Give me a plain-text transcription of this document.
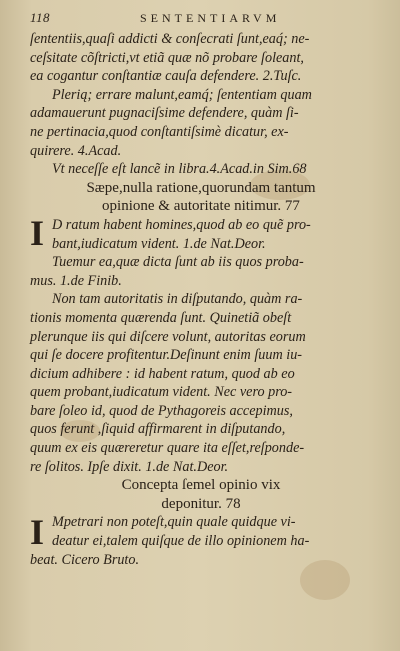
118	SENTENTIARVM
I
I
ſententiis,quaſi addicti & conſecrati ſunt,eaq́; ne-
ceſsitate cõſtricti,vt etiã quæ nõ probare ſoleant,
ea cogantur conſtantiæ cauſa defendere. 2.Tuſc.
Plerią; errare malunt,eamq́; ſententiam quam
adamauerunt pugnaciſsime defendere, quàm ſi-
ne pertinacia,quod conſtantiſsimè dicatur, ex-
quirere. 4.Acad.
Vt neceſſe eſt lancẽ in libra.4.Acad.in Sim.68
Sæpe,nulla ratione,quorundam tantum
opinione & autoritate nitimur. 77
D ratum habent homines,quod ab eo quẽ pro-
bant,iudicatum vident. 1.de Nat.Deor.
Tuemur ea,quæ dicta ſunt ab iis quos proba-
mus. 1.de Finib.
Non tam autoritatis in diſputando, quàm ra-
tionis momenta quærenda ſunt. Quinetiã obeſt
plerunque iis qui diſcere volunt, autoritas eorum
qui ſe docere profitentur.Deſinunt enim ſuum iu-
dicium adhibere : id habent ratum, quod ab eo
quem probant,iudicatum vident. Nec vero pro-
bare ſoleo id, quod de Pythagoreis accepimus,
quos ferunt ,ſiquid affirmarent in diſputando,
quum ex eis quæreretur quare ita eſſet,reſponde-
re ſolitos. Ipſe dixit. 1.de Nat.Deor.
Concepta ſemel opinio vix
deponitur. 78
Mpetrari non poteſt,quin quale quidque vi-
deatur ei,talem quiſque de illo opinionem ha-
beat. Cicero Bruto.
